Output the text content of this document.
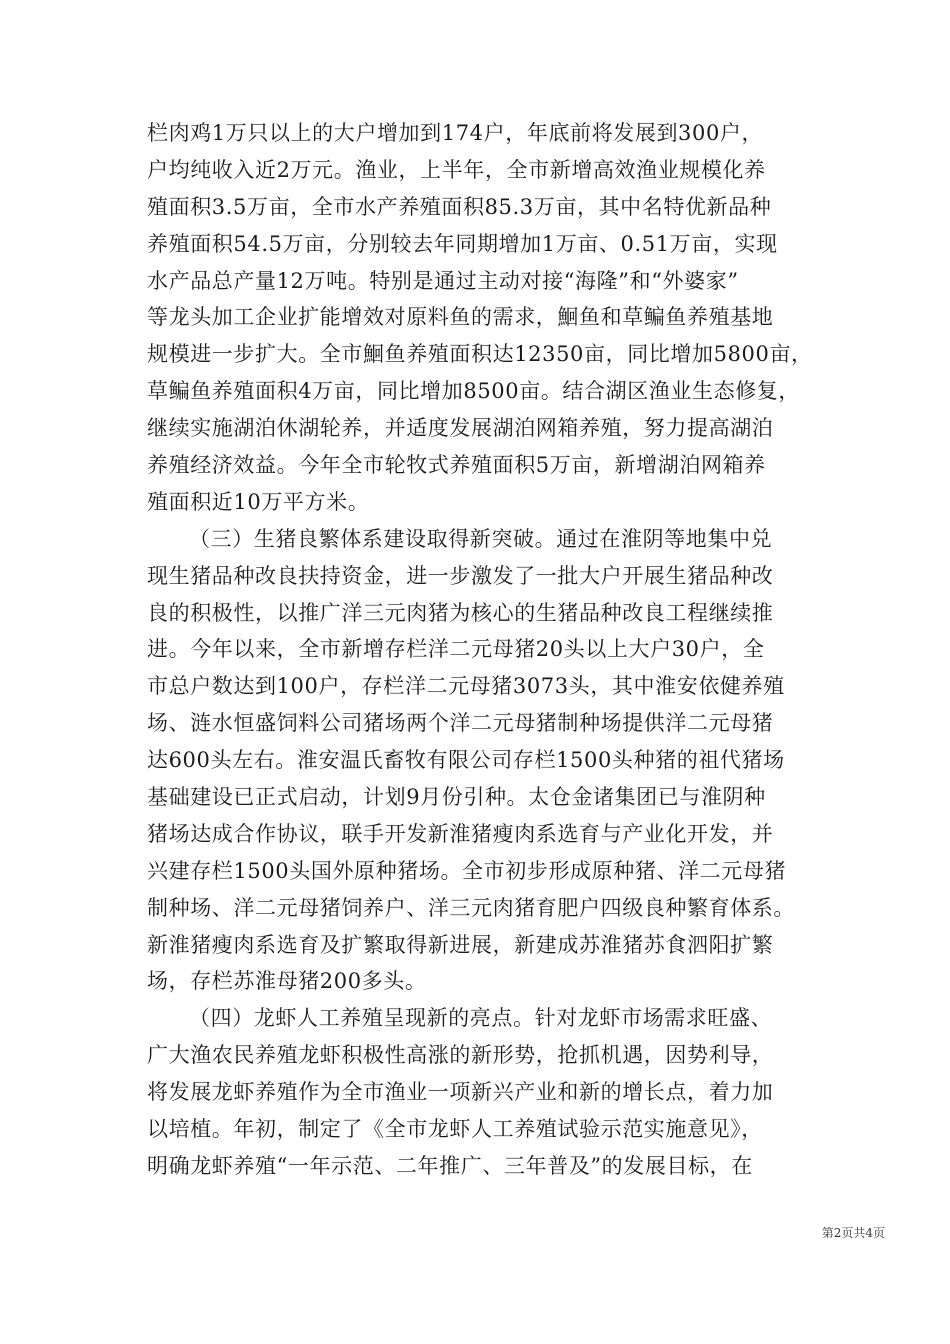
栏肉鸡1万只以上的大户增加到174户，年底前将发展到300户，
户均纯收入近2万元。渔业，上半年，全市新增高效渔业规模化养
殖面积3.5万亩，全市水产养殖面积85.3万亩，其中名特优新品种
养殖面积54.5万亩，分别较去年同期增加1万亩、0.51万亩，实现
水产品总产量12万吨。特别是通过主动对接“海隆”和“外婆家”
等龙头加工企业扩能增效对原料鱼的需求，鮰鱼和草鳊鱼养殖基地
规模进一步扩大。全市鮰鱼养殖面积达12350亩，同比增加5800亩，
草鳊鱼养殖面积4万亩，同比增加8500亩。结合湖区渔业生态修复，
继续实施湖泊休湖轮养，并适度发展湖泊网箱养殖，努力提高湖泊
养殖经济效益。今年全市轮牧式养殖面积5万亩，新增湖泊网箱养
殖面积近10万平方米。
（三）生猪良繁体系建设取得新突破。通过在淮阴等地集中兑
现生猪品种改良扶持资金，进一步激发了一批大户开展生猪品种改
良的积极性，以推广洋三元肉猪为核心的生猪品种改良工程继续推
进。今年以来，全市新增存栏洋二元母猪20头以上大户30户，全
市总户数达到100户，存栏洋二元母猪3073头，其中淮安依健养殖
场、涟水恒盛饲料公司猪场两个洋二元母猪制种场提供洋二元母猪
达600头左右。淮安温氏畜牧有限公司存栏1500头种猪的祖代猪场
基础建设已正式启动，计划9月份引种。太仓金诸集团已与淮阴种
猪场达成合作协议，联手开发新淮猪瘦肉系选育与产业化开发，并
兴建存栏1500头国外原种猪场。全市初步形成原种猪、洋二元母猪
制种场、洋二元母猪饲养户、洋三元肉猪育肥户四级良种繁育体系。
新淮猪瘦肉系选育及扩繁取得新进展，新建成苏淮猪苏食泗阳扩繁
场，存栏苏淮母猪200多头。
（四）龙虾人工养殖呈现新的亮点。针对龙虾市场需求旺盛、
广大渔农民养殖龙虾积极性高涨的新形势，抢抓机遇，因势利导，
将发展龙虾养殖作为全市渔业一项新兴产业和新的增长点，着力加
以培植。年初，制定了《全市龙虾人工养殖试验示范实施意见》，
明确龙虾养殖“一年示范、二年推广、三年普及”的发展目标，在
第2页共4页
